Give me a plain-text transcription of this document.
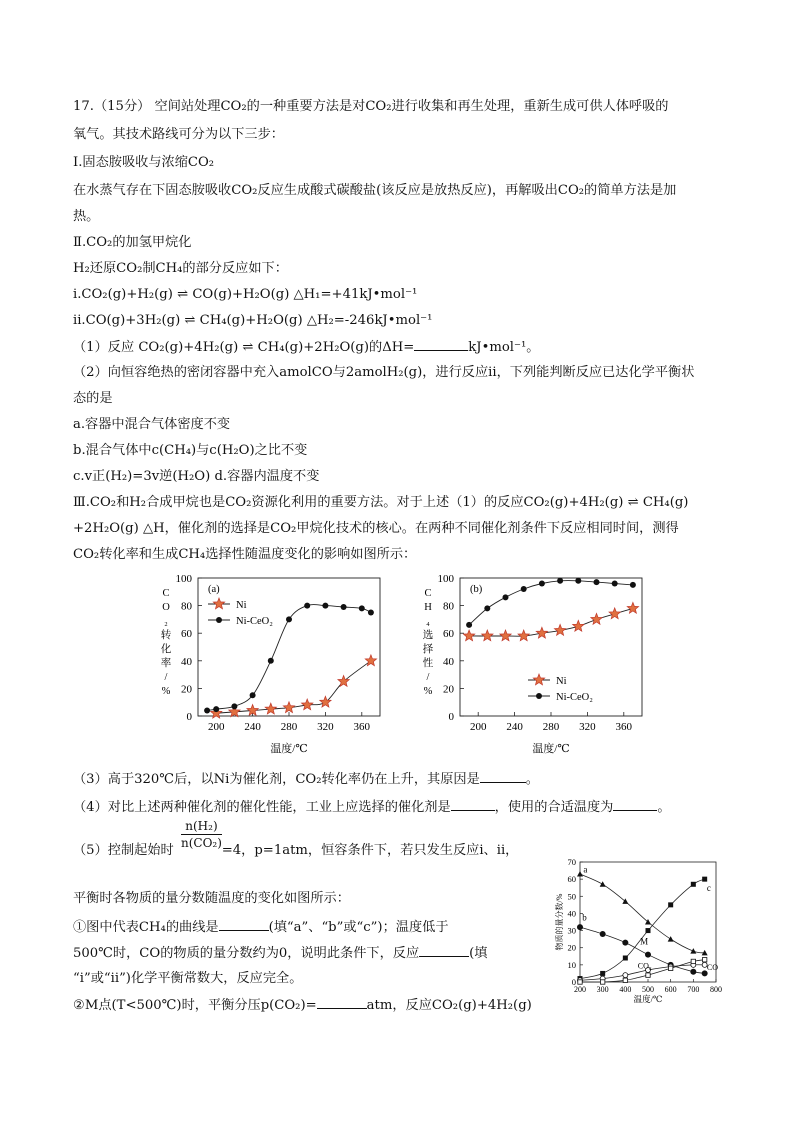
17.（15分） 空间站处理CO₂的一种重要方法是对CO₂进行收集和再生处理，重新生成可供人体呼吸的
氧气。其技术路线可分为以下三步：
Ⅰ.固态胺吸收与浓缩CO₂
在水蒸气存在下固态胺吸收CO₂反应生成酸式碳酸盐(该反应是放热反应)，再解吸出CO₂的简单方法是加
热。
Ⅱ.CO₂的加氢甲烷化
H₂还原CO₂制CH₄的部分反应如下：
i.CO₂(g)+H₂(g) ⇌ CO(g)+H₂O(g) △H₁=+41kJ•mol⁻¹
ii.CO(g)+3H₂(g) ⇌ CH₄(g)+H₂O(g) △H₂=-246kJ•mol⁻¹
（1）反应 CO₂(g)+4H₂(g) ⇌ CH₄(g)+2H₂O(g)的ΔH=	kJ•mol⁻¹。
（2）向恒容绝热的密闭容器中充入amolCO与2amolH₂(g)，进行反应ii，下列能判断反应已达化学平衡状
态的是
a.容器中混合气体密度不变
b.混合气体中c(CH₄)与c(H₂O)之比不变
c.v正(H₂)=3v逆(H₂O) d.容器内温度不变
Ⅲ.CO₂和H₂合成甲烷也是CO₂资源化利用的重要方法。对于上述（1）的反应CO₂(g)+4H₂(g) ⇌ CH₄(g)
+2H₂O(g) △H，催化剂的选择是CO₂甲烷化技术的核心。在两种不同催化剂条件下反应相同时间，测得
CO₂转化率和生成CH₄选择性随温度变化的影响如图所示：
0
20
40
60
80
100
200 240 280 320 360
温度/℃
C O ₂ 转化率/ %
(a)
Ni
Ni-CeO₂
0
20
40
60
80
100
200 240 280 320 360
温度/℃
C H ₄ 选择性/ %
(b)
Ni
Ni-CeO₂
（3）高于320℃后，以Ni为催化剂，CO₂转化率仍在上升，其原因是	。
（4）对比上述两种催化剂的催化性能，工业上应选择的催化剂是	，使用的合适温度为	。
$\frac{\text{n(H₂)}}{\text{n(CO₂)}}$
（5）控制起始时	=4，p=1atm，恒容条件下，若只发生反应i、ii，
0
10
20
30
40
50
60
70
200 300 400 500 600 700 800
温度/℃
物质的量分数/%
a
b
c
M
CO₂	CO
平衡时各物质的量分数随温度的变化如图所示：
①图中代表CH₄的曲线是	(填“a”、“b”或“c”)；温度低于
500℃时，CO的物质的量分数约为0，说明此条件下，反应	(填
“i”或“ii”)化学平衡常数大，反应完全。
②M点(T<500℃)时，平衡分压p(CO₂)=	atm，反应CO₂(g)+4H₂(g)
